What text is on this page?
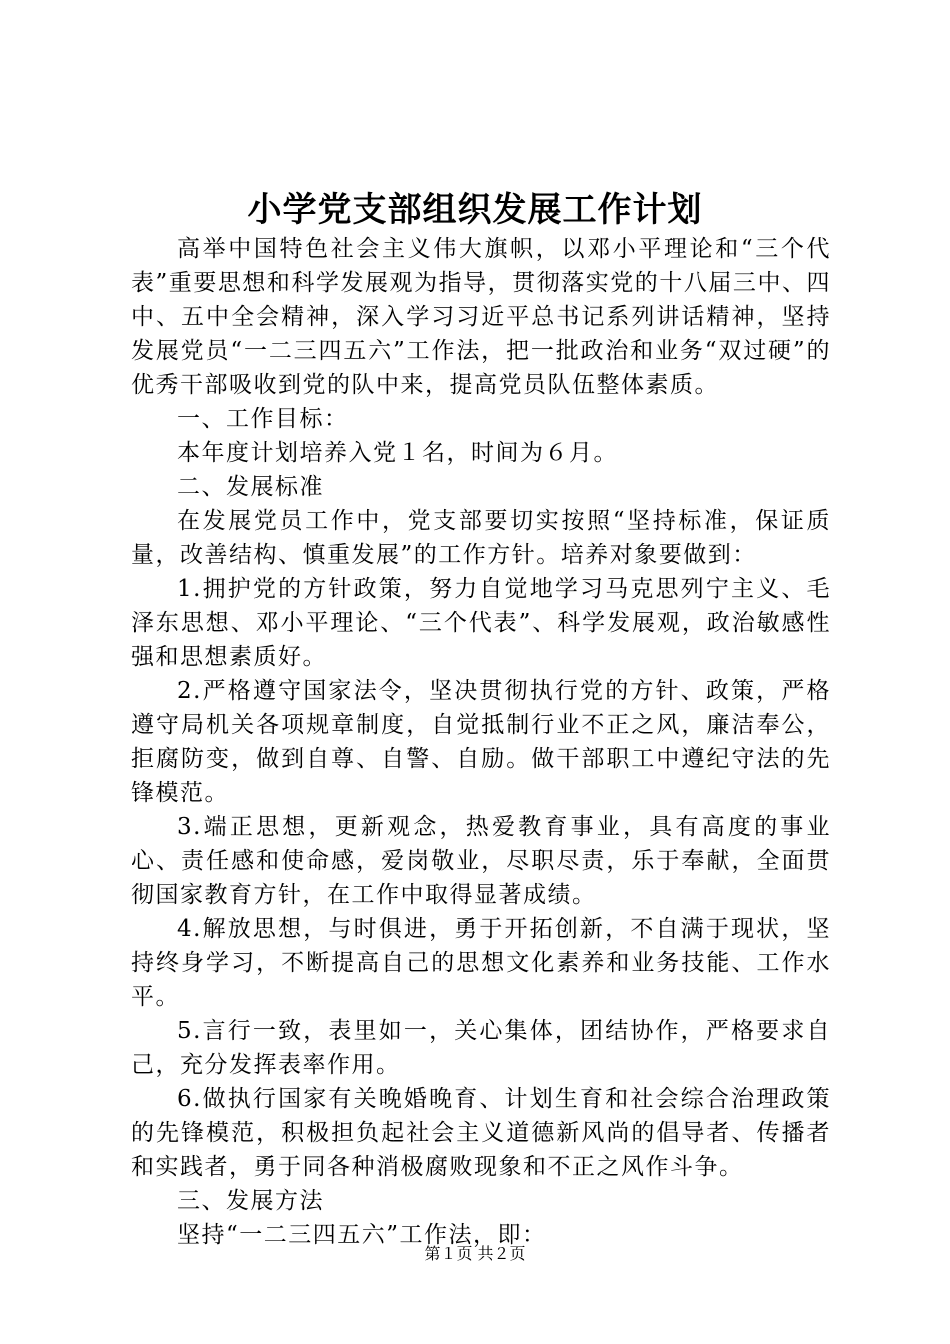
小学党支部组织发展工作计划

高举中国特色社会主义伟大旗帜，以邓小平理论和“三个代表”重要思想和科学发展观为指导，贯彻落实党的十八届三中、四中、五中全会精神，深入学习习近平总书记系列讲话精神，坚持发展党员“一二三四五六”工作法，把一批政治和业务“双过硬”的优秀干部吸收到党的队中来，提高党员队伍整体素质。

一、工作目标：

本年度计划培养入党１名，时间为６月。

二、发展标准

在发展党员工作中，党支部要切实按照“坚持标准，保证质量，改善结构、慎重发展”的工作方针。培养对象要做到：

1.拥护党的方针政策，努力自觉地学习马克思列宁主义、毛泽东思想、邓小平理论、“三个代表”、科学发展观，政治敏感性强和思想素质好。

2.严格遵守国家法令，坚决贯彻执行党的方针、政策，严格遵守局机关各项规章制度，自觉抵制行业不正之风，廉洁奉公，拒腐防变，做到自尊、自警、自励。做干部职工中遵纪守法的先锋模范。

3.端正思想，更新观念，热爱教育事业，具有高度的事业心、责任感和使命感，爱岗敬业，尽职尽责，乐于奉献，全面贯彻国家教育方针，在工作中取得显著成绩。

4.解放思想，与时俱进，勇于开拓创新，不自满于现状，坚持终身学习，不断提高自己的思想文化素养和业务技能、工作水平。

5.言行一致，表里如一，关心集体，团结协作，严格要求自己，充分发挥表率作用。

6.做执行国家有关晚婚晚育、计划生育和社会综合治理政策的先锋模范，积极担负起社会主义道德新风尚的倡导者、传播者和实践者，勇于同各种消极腐败现象和不正之风作斗争。

三、发展方法

坚持“一二三四五六”工作法，即：

第１页 共２页
